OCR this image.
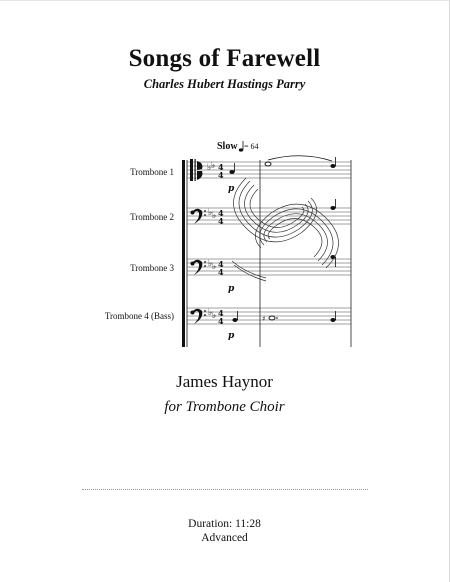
Songs of Farewell
Charles Hubert Hastings Parry
Slow = 64
Trombone 1
Trombone 2
Trombone 3
Trombone 4 (Bass)
♭ ♭
♭ ♭
♭ ♭
♭ ♭
4
4
4
4
4
4
4
4	♯
p
p
p
James Haynor
for Trombone Choir
Duration: 11:28
Advanced
